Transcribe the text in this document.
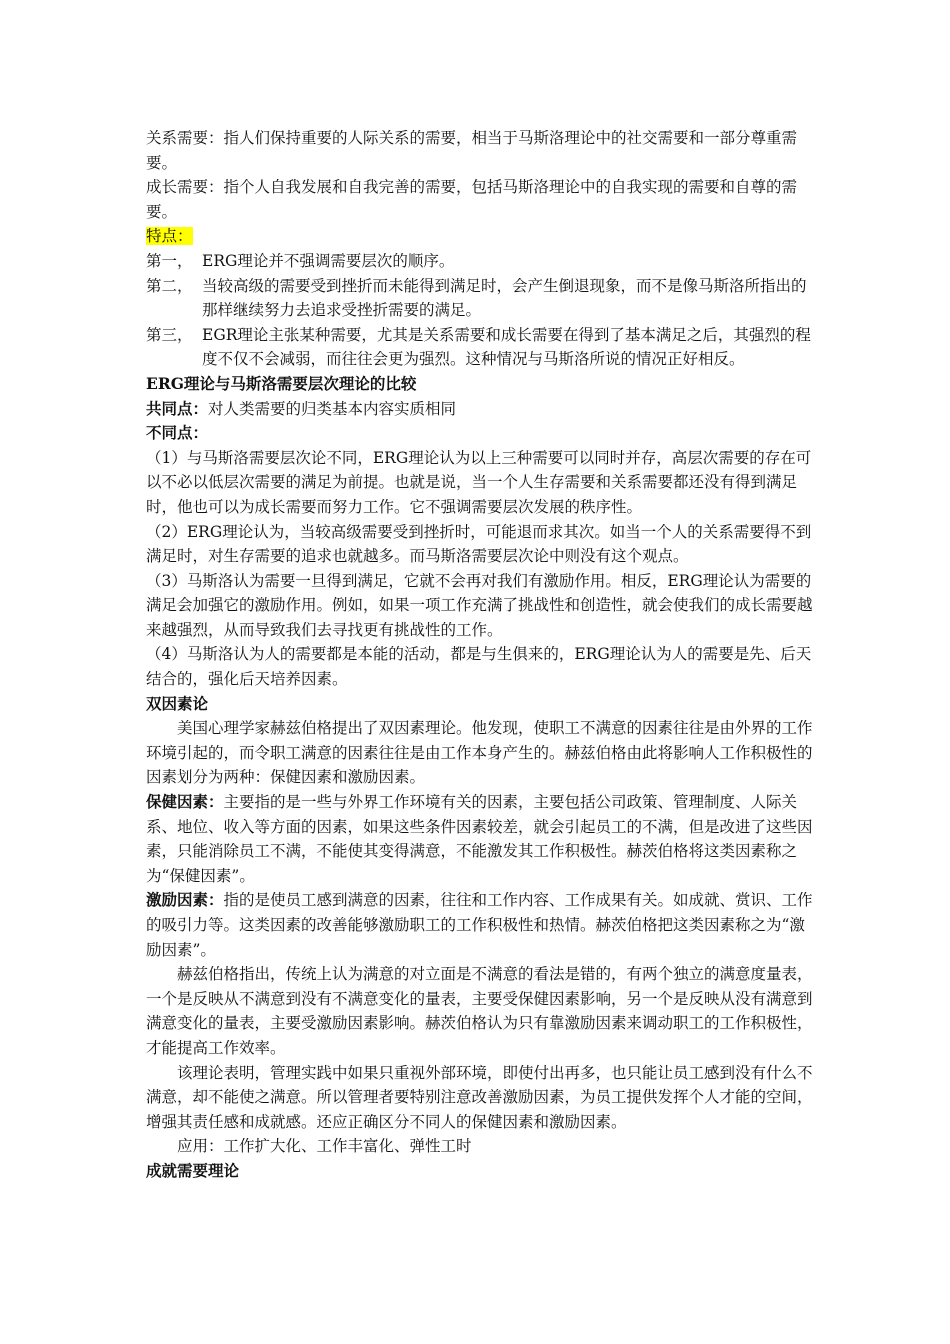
关系需要：指人们保持重要的人际关系的需要，相当于马斯洛理论中的社交需要和一部分尊重需要。

成长需要：指个人自我发展和自我完善的需要，包括马斯洛理论中的自我实现的需要和自尊的需要。

特点：

第一， ERG理论并不强调需要层次的顺序。
第二， 当较高级的需要受到挫折而未能得到满足时，会产生倒退现象，而不是像马斯洛所指出的那样继续努力去追求受挫折需要的满足。
第三， EGR理论主张某种需要，尤其是关系需要和成长需要在得到了基本满足之后，其强烈的程度不仅不会减弱，而往往会更为强烈。这种情况与马斯洛所说的情况正好相反。

ERG理论与马斯洛需要层次理论的比较

共同点：对人类需要的归类基本内容实质相同

不同点：

（1）与马斯洛需要层次论不同，ERG理论认为以上三种需要可以同时并存，高层次需要的存在可以不必以低层次需要的满足为前提。也就是说，当一个人生存需要和关系需要都还没有得到满足时，他也可以为成长需要而努力工作。它不强调需要层次发展的秩序性。

（2）ERG理论认为，当较高级需要受到挫折时，可能退而求其次。如当一个人的关系需要得不到满足时，对生存需要的追求也就越多。而马斯洛需要层次论中则没有这个观点。

（3）马斯洛认为需要一旦得到满足，它就不会再对我们有激励作用。相反，ERG理论认为需要的满足会加强它的激励作用。例如，如果一项工作充满了挑战性和创造性，就会使我们的成长需要越来越强烈，从而导致我们去寻找更有挑战性的工作。

（4）马斯洛认为人的需要都是本能的活动，都是与生俱来的，ERG理论认为人的需要是先、后天结合的，强化后天培养因素。

双因素论

美国心理学家赫兹伯格提出了双因素理论。他发现，使职工不满意的因素往往是由外界的工作环境引起的，而令职工满意的因素往往是由工作本身产生的。赫兹伯格由此将影响人工作积极性的因素划分为两种：保健因素和激励因素。

保健因素：主要指的是一些与外界工作环境有关的因素，主要包括公司政策、管理制度、人际关系、地位、收入等方面的因素，如果这些条件因素较差，就会引起员工的不满，但是改进了这些因素，只能消除员工不满，不能使其变得满意，不能激发其工作积极性。赫茨伯格将这类因素称之为“保健因素”。

激励因素：指的是使员工感到满意的因素，往往和工作内容、工作成果有关。如成就、赏识、工作的吸引力等。这类因素的改善能够激励职工的工作积极性和热情。赫茨伯格把这类因素称之为“激励因素”。

赫兹伯格指出，传统上认为满意的对立面是不满意的看法是错的，有两个独立的满意度量表，一个是反映从不满意到没有不满意变化的量表，主要受保健因素影响，另一个是反映从没有满意到满意变化的量表，主要受激励因素影响。赫茨伯格认为只有靠激励因素来调动职工的工作积极性，才能提高工作效率。

该理论表明，管理实践中如果只重视外部环境，即使付出再多，也只能让员工感到没有什么不满意，却不能使之满意。所以管理者要特别注意改善激励因素，为员工提供发挥个人才能的空间，增强其责任感和成就感。还应正确区分不同人的保健因素和激励因素。

应用：工作扩大化、工作丰富化、弹性工时

成就需要理论
